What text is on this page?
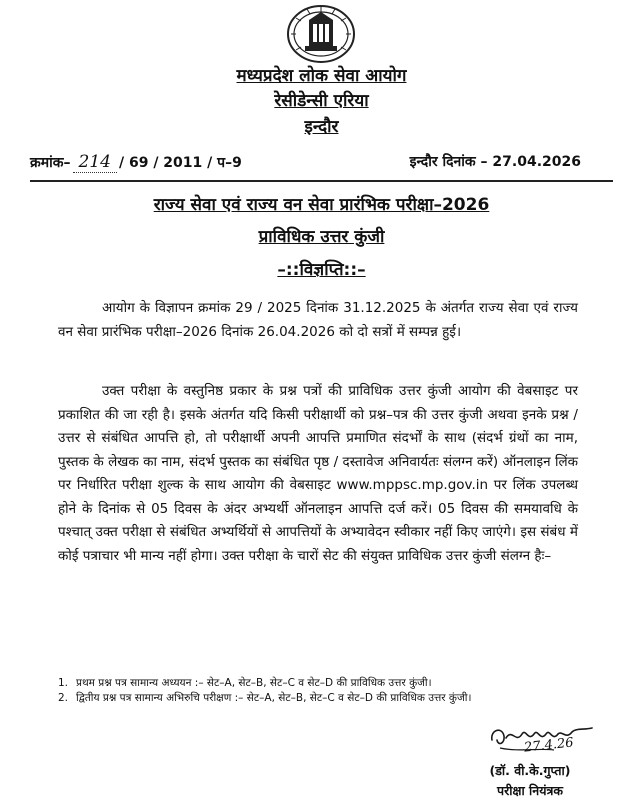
मध्यप्रदेश लोक सेवा आयोग
रेसीडेन्सी एरिया
इन्दौर
क्रमांक– 214 / 69 / 2011 / प–9	इन्दौर दिनांक – 27.04.2026
राज्य सेवा एवं राज्य वन सेवा प्रारंभिक परीक्षा–2026
प्राविधिक उत्तर कुंजी
–::विज्ञप्ति::–
आयोग के विज्ञापन क्रमांक 29 / 2025 दिनांक 31.12.2025 के अंतर्गत राज्य सेवा एवं राज्य वन सेवा प्रारंभिक परीक्षा–2026 दिनांक 26.04.2026 को दो सत्रों में सम्पन्न हुई।
उक्त परीक्षा के वस्तुनिष्ठ प्रकार के प्रश्न पत्रों की प्राविधिक उत्तर कुंजी आयोग की वेबसाइट पर प्रकाशित की जा रही है। इसके अंतर्गत यदि किसी परीक्षार्थी को प्रश्न–पत्र की उत्तर कुंजी अथवा इनके प्रश्न / उत्तर से संबंधित आपत्ति हो, तो परीक्षार्थी अपनी आपत्ति प्रमाणित संदर्भों के साथ (संदर्भ ग्रंथों का नाम, पुस्तक के लेखक का नाम, संदर्भ पुस्तक का संबंधित पृष्ठ / दस्तावेज अनिवार्यतः संलग्न करें) ऑनलाइन लिंक पर निर्धारित परीक्षा शुल्क के साथ आयोग की वेबसाइट www.mppsc.mp.gov.in पर लिंक उपलब्ध होने के दिनांक से 05 दिवस के अंदर अभ्यर्थी ऑनलाइन आपत्ति दर्ज करें। 05 दिवस की समयावधि के पश्चात् उक्त परीक्षा से संबंधित अभ्यर्थियों से आपत्तियों के अभ्यावेदन स्वीकार नहीं किए जाएंगे। इस संबंध में कोई पत्राचार भी मान्य नहीं होगा। उक्त परीक्षा के चारों सेट की संयुक्त प्राविधिक उत्तर कुंजी संलग्न हैः–
1. प्रथम प्रश्न पत्र सामान्य अध्ययन :– सेट–A, सेट–B, सेट–C व सेट–D की प्राविधिक उत्तर कुंजी।
2. द्वितीय प्रश्न पत्र सामान्य अभिरुचि परीक्षण :– सेट–A, सेट–B, सेट–C व सेट–D की प्राविधिक उत्तर कुंजी।
27.4.26
(डॉ. वी.के.गुप्ता)
परीक्षा नियंत्रक
